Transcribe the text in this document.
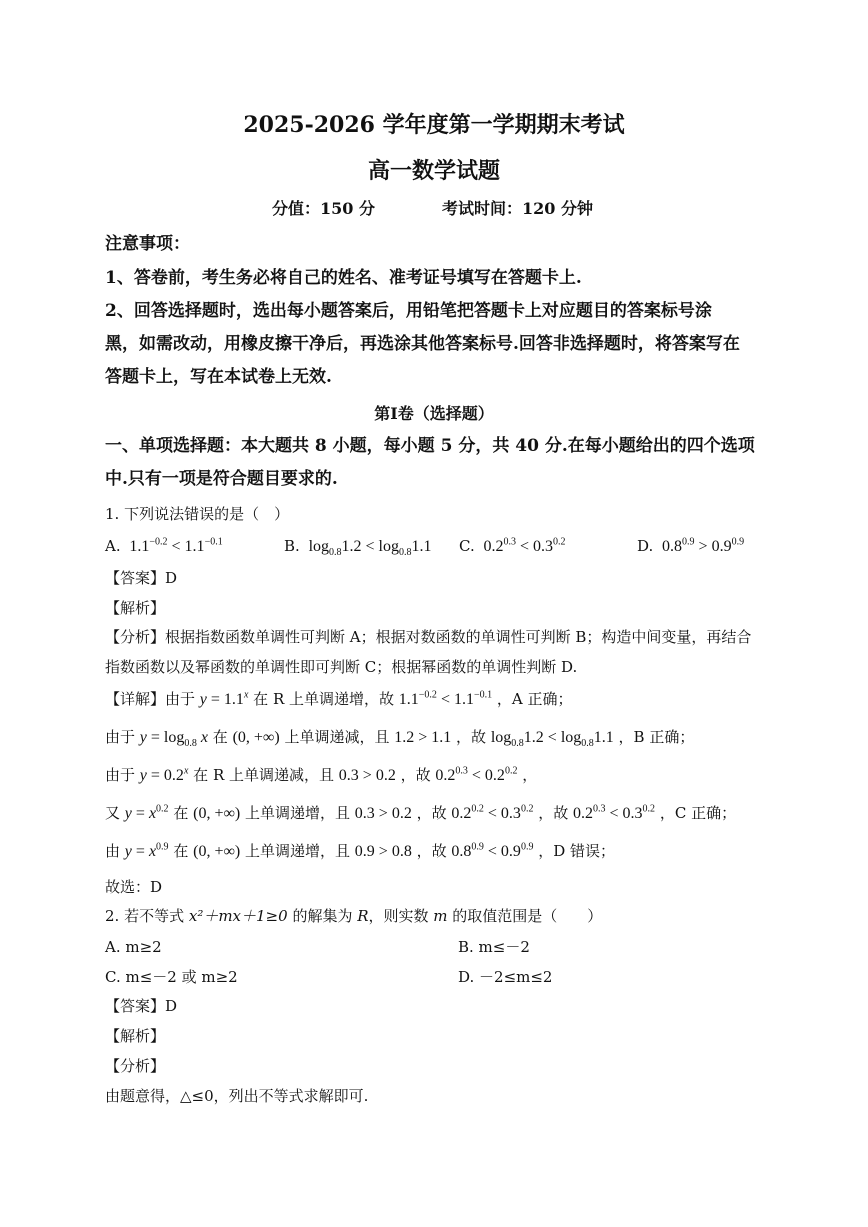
2025-2026 学年度第一学期期末考试
高一数学试题
分值：150 分	考试时间：120 分钟
注意事项：
1、答卷前，考生务必将自己的姓名、准考证号填写在答题卡上.
2、回答选择题时，选出每小题答案后，用铅笔把答题卡上对应题目的答案标号涂
黑，如需改动，用橡皮擦干净后，再选涂其他答案标号.回答非选择题时，将答案写在
答题卡上，写在本试卷上无效.
第Ⅰ卷（选择题）
一、单项选择题：本大题共 8 小题，每小题 5 分，共 40 分.在每小题给出的四个选项
中.只有一项是符合题目要求的.
1. 下列说法错误的是（　）
A.  $1.1^{-0.2} < 1.1^{-0.1}$	B.  $\log_{0.8}1.2 < \log_{0.8}1.1$ C.  $0.2^{0.3} < 0.3^{0.2}$	D.  $0.8^{0.9} > 0.9^{0.9}$
【答案】D
【解析】
【分析】根据指数函数单调性可判断 A；根据对数函数的单调性可判断 B；构造中间变量，再结合
指数函数以及幂函数的单调性即可判断 C；根据幂函数的单调性判断 D.
【详解】由于 $y = 1.1^x$ 在 R 上单调递增，故 $1.1^{-0.2} < 1.1^{-0.1}$ ，A 正确；
由于 $y = \log_{0.8} x$ 在 (0, +∞) 上单调递减，且 1.2 > 1.1 ，故 $\log_{0.8}1.2 < \log_{0.8}1.1$ ，B 正确；
由于 $y = 0.2^x$ 在 R 上单调递减，且 0.3 > 0.2 ，故 $0.2^{0.3} < 0.2^{0.2}$ ，
又 $y = x^{0.2}$ 在 (0, +∞) 上单调递增，且 0.3 > 0.2 ，故 $0.2^{0.2} < 0.3^{0.2}$ ，故 $0.2^{0.3} < 0.3^{0.2}$ ，C 正确；
由 $y = x^{0.9}$ 在 (0, +∞) 上单调递增，且 0.9 > 0.8 ，故 $0.8^{0.9} < 0.9^{0.9}$ ，D 错误；
故选：D
2. 若不等式 x²＋mx＋1≥0 的解集为 R，则实数 m 的取值范围是（　　）
A. m≥2	B. m≤－2
C. m≤－2 或 m≥2	D. －2≤m≤2
【答案】D
【解析】
【分析】
由题意得，△≤0，列出不等式求解即可.
